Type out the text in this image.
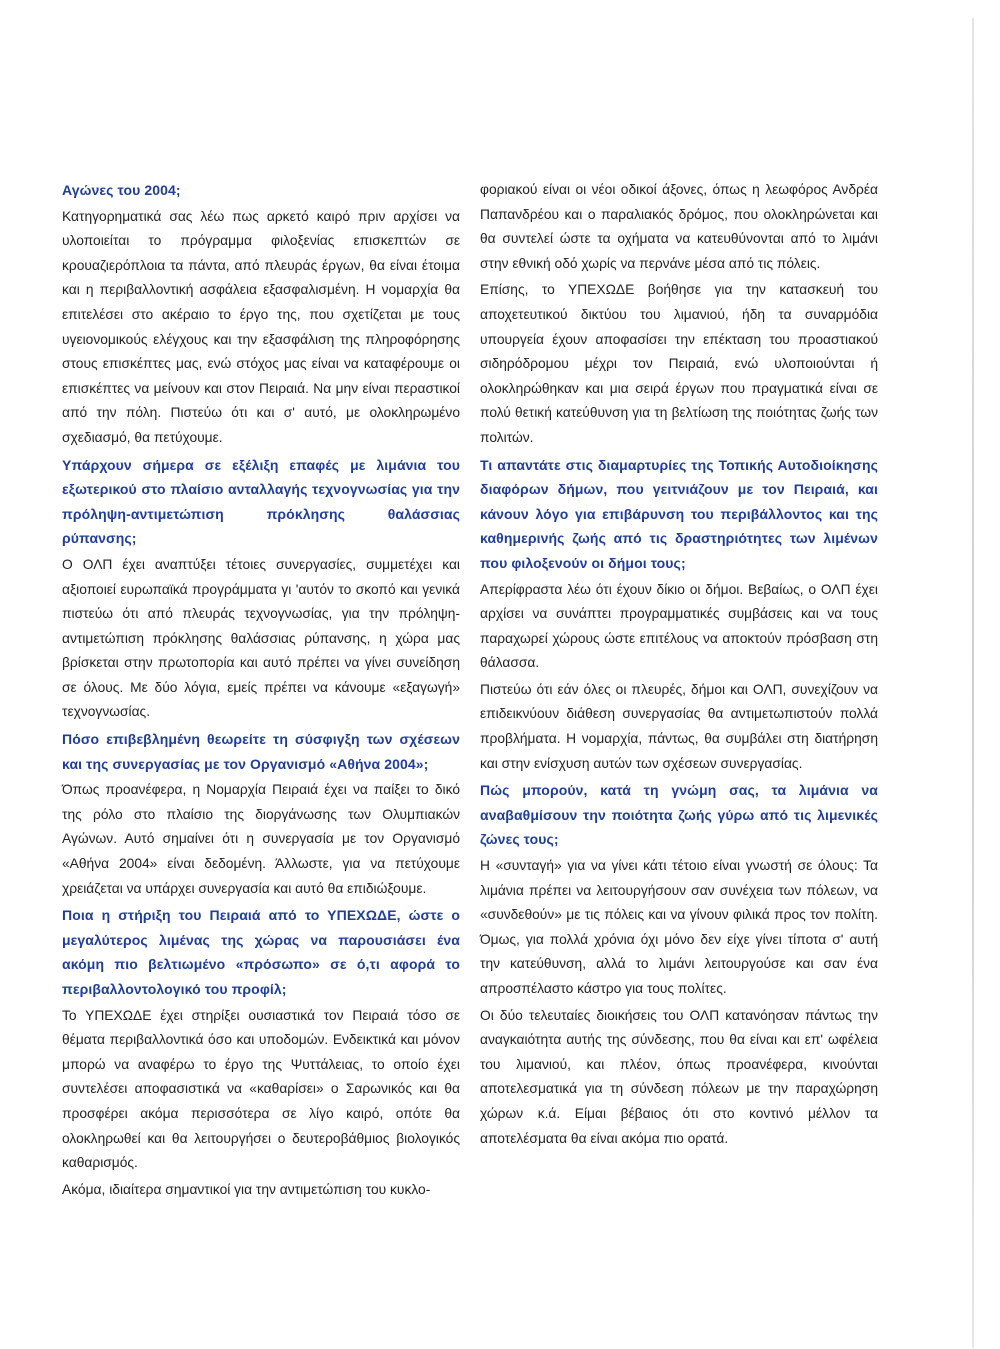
Αγώνες του 2004;

Κατηγορηματικά σας λέω πως αρκετό καιρό πριν αρχίσει να υλοποιείται το πρόγραμμα φιλοξενίας επισκεπτών σε κρουαζιερόπλοια τα πάντα, από πλευράς έργων, θα είναι έτοιμα και η περιβαλλοντική ασφάλεια εξασφαλισμένη. Η νομαρχία θα επιτελέσει στο ακέραιο το έργο της, που σχετίζεται με τους υγειονομικούς ελέγχους και την εξασφάλιση της πληροφόρησης στους επισκέπτες μας, ενώ στόχος μας είναι να καταφέρουμε οι επισκέπτες να μείνουν και στον Πειραιά. Να μην είναι περαστικοί από την πόλη. Πιστεύω ότι και σ' αυτό, με ολοκληρωμένο σχεδιασμό, θα πετύχουμε.

Υπάρχουν σήμερα σε εξέλιξη επαφές με λιμάνια του εξωτερικού στο πλαίσιο ανταλλαγής τεχνογνωσίας για την πρόληψη-αντιμετώπιση πρόκλησης θαλάσσιας ρύπανσης;

Ο ΟΛΠ έχει αναπτύξει τέτοιες συνεργασίες, συμμετέχει και αξιοποιεί ευρωπαϊκά προγράμματα γι 'αυτόν το σκοπό και γενικά πιστεύω ότι από πλευράς τεχνογνωσίας, για την πρόληψη-αντιμετώπιση πρόκλησης θαλάσσιας ρύπανσης, η χώρα μας βρίσκεται στην πρωτοπορία και αυτό πρέπει να γίνει συνείδηση σε όλους. Με δύο λόγια, εμείς πρέπει να κάνουμε «εξαγωγή» τεχνογνωσίας.

Πόσο επιβεβλημένη θεωρείτε τη σύσφιγξη των σχέσεων και της συνεργασίας με τον Οργανισμό «Αθήνα 2004»;

Όπως προανέφερα, η Νομαρχία Πειραιά έχει να παίξει το δικό της ρόλο στο πλαίσιο της διοργάνωσης των Ολυμπιακών Αγώνων. Αυτό σημαίνει ότι η συνεργασία με τον Οργανισμό «Αθήνα 2004» είναι δεδομένη. Άλλωστε, για να πετύχουμε χρειάζεται να υπάρχει συνεργασία και αυτό θα επιδιώξουμε.

Ποια η στήριξη του Πειραιά από το ΥΠΕΧΩΔΕ, ώστε ο μεγαλύτερος λιμένας της χώρας να παρουσιάσει ένα ακόμη πιο βελτιωμένο «πρόσωπο» σε ό,τι αφορά το περιβαλλοντολογικό του προφίλ;

Το ΥΠΕΧΩΔΕ έχει στηρίξει ουσιαστικά τον Πειραιά τόσο σε θέματα περιβαλλοντικά όσο και υποδομών. Ενδεικτικά και μόνον μπορώ να αναφέρω το έργο της Ψυττάλειας, το οποίο έχει συντελέσει αποφασιστικά να «καθαρίσει» ο Σαρωνικός και θα προσφέρει ακόμα περισσότερα σε λίγο καιρό, οπότε θα ολοκληρωθεί και θα λειτουργήσει ο δευτεροβάθμιος βιολογικός καθαρισμός.

Ακόμα, ιδιαίτερα σημαντικοί για την αντιμετώπιση του κυκλο-

φοριακού είναι οι νέοι οδικοί άξονες, όπως η λεωφόρος Ανδρέα Παπανδρέου και ο παραλιακός δρόμος, που ολοκληρώνεται και θα συντελεί ώστε τα οχήματα να κατευθύνονται από το λιμάνι στην εθνική οδό χωρίς να περνάνε μέσα από τις πόλεις.

Επίσης, το ΥΠΕΧΩΔΕ βοήθησε για την κατασκευή του αποχετευτικού δικτύου του λιμανιού, ήδη τα συναρμόδια υπουργεία έχουν αποφασίσει την επέκταση του προαστιακού σιδηρόδρομου μέχρι τον Πειραιά, ενώ υλοποιούνται ή ολοκληρώθηκαν και μια σειρά έργων που πραγματικά είναι σε πολύ θετική κατεύθυνση για τη βελτίωση της ποιότητας ζωής των πολιτών.

Τι απαντάτε στις διαμαρτυρίες της Τοπικής Αυτοδιοίκησης διαφόρων δήμων, που γειτνιάζουν με τον Πειραιά, και κάνουν λόγο για επιβάρυνση του περιβάλλοντος και της καθημερινής ζωής από τις δραστηριότητες των λιμένων που φιλοξενούν οι δήμοι τους;

Απερίφραστα λέω ότι έχουν δίκιο οι δήμοι. Βεβαίως, ο ΟΛΠ έχει αρχίσει να συνάπτει προγραμματικές συμβάσεις και να τους παραχωρεί χώρους ώστε επιτέλους να αποκτούν πρόσβαση στη θάλασσα.

Πιστεύω ότι εάν όλες οι πλευρές, δήμοι και ΟΛΠ, συνεχίζουν να επιδεικνύουν διάθεση συνεργασίας θα αντιμετωπιστούν πολλά προβλήματα. Η νομαρχία, πάντως, θα συμβάλει στη διατήρηση και στην ενίσχυση αυτών των σχέσεων συνεργασίας.

Πώς μπορούν, κατά τη γνώμη σας, τα λιμάνια να αναβαθμίσουν την ποιότητα ζωής γύρω από τις λιμενικές ζώνες τους;

Η «συνταγή» για να γίνει κάτι τέτοιο είναι γνωστή σε όλους: Τα λιμάνια πρέπει να λειτουργήσουν σαν συνέχεια των πόλεων, να «συνδεθούν» με τις πόλεις και να γίνουν φιλικά προς τον πολίτη. Όμως, για πολλά χρόνια όχι μόνο δεν είχε γίνει τίποτα σ' αυτή την κατεύθυνση, αλλά το λιμάνι λειτουργούσε και σαν ένα απροσπέλαστο κάστρο για τους πολίτες.

Οι δύο τελευταίες διοικήσεις του ΟΛΠ κατανόησαν πάντως την αναγκαιότητα αυτής της σύνδεσης, που θα είναι και επ' ωφέλεια του λιμανιού, και πλέον, όπως προανέφερα, κινούνται αποτελεσματικά για τη σύνδεση πόλεων με την παραχώρηση χώρων κ.ά. Είμαι βέβαιος ότι στο κοντινό μέλλον τα αποτελέσματα θα είναι ακόμα πιο ορατά.
